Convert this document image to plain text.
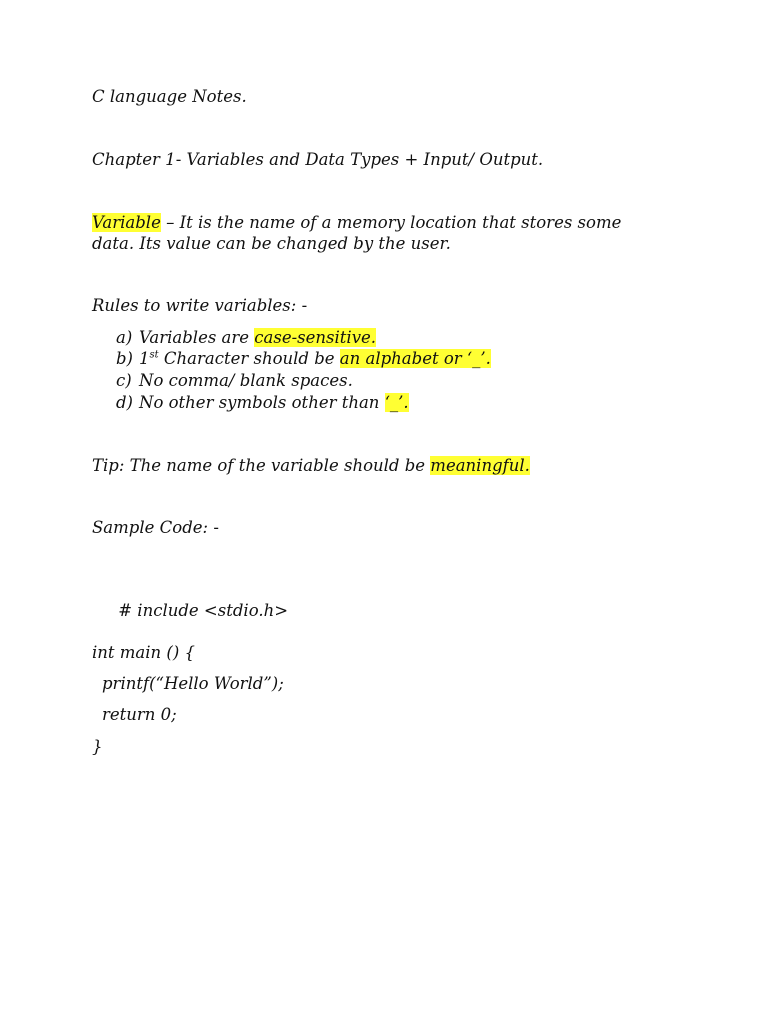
C language Notes.
Chapter 1- Variables and Data Types + Input/ Output.
Variable – It is the name of a memory location that stores some
data. Its value can be changed by the user.
Rules to write variables: -
a) Variables are case-sensitive.
b) 1st Character should be an alphabet or ‘_’.
c) No comma/ blank spaces.
d) No other symbols other than ‘_’.
Tip: The name of the variable should be meaningful.
Sample Code: -

# include <stdio.h>

int main () {
printf(“Hello World”);
return 0;
}
